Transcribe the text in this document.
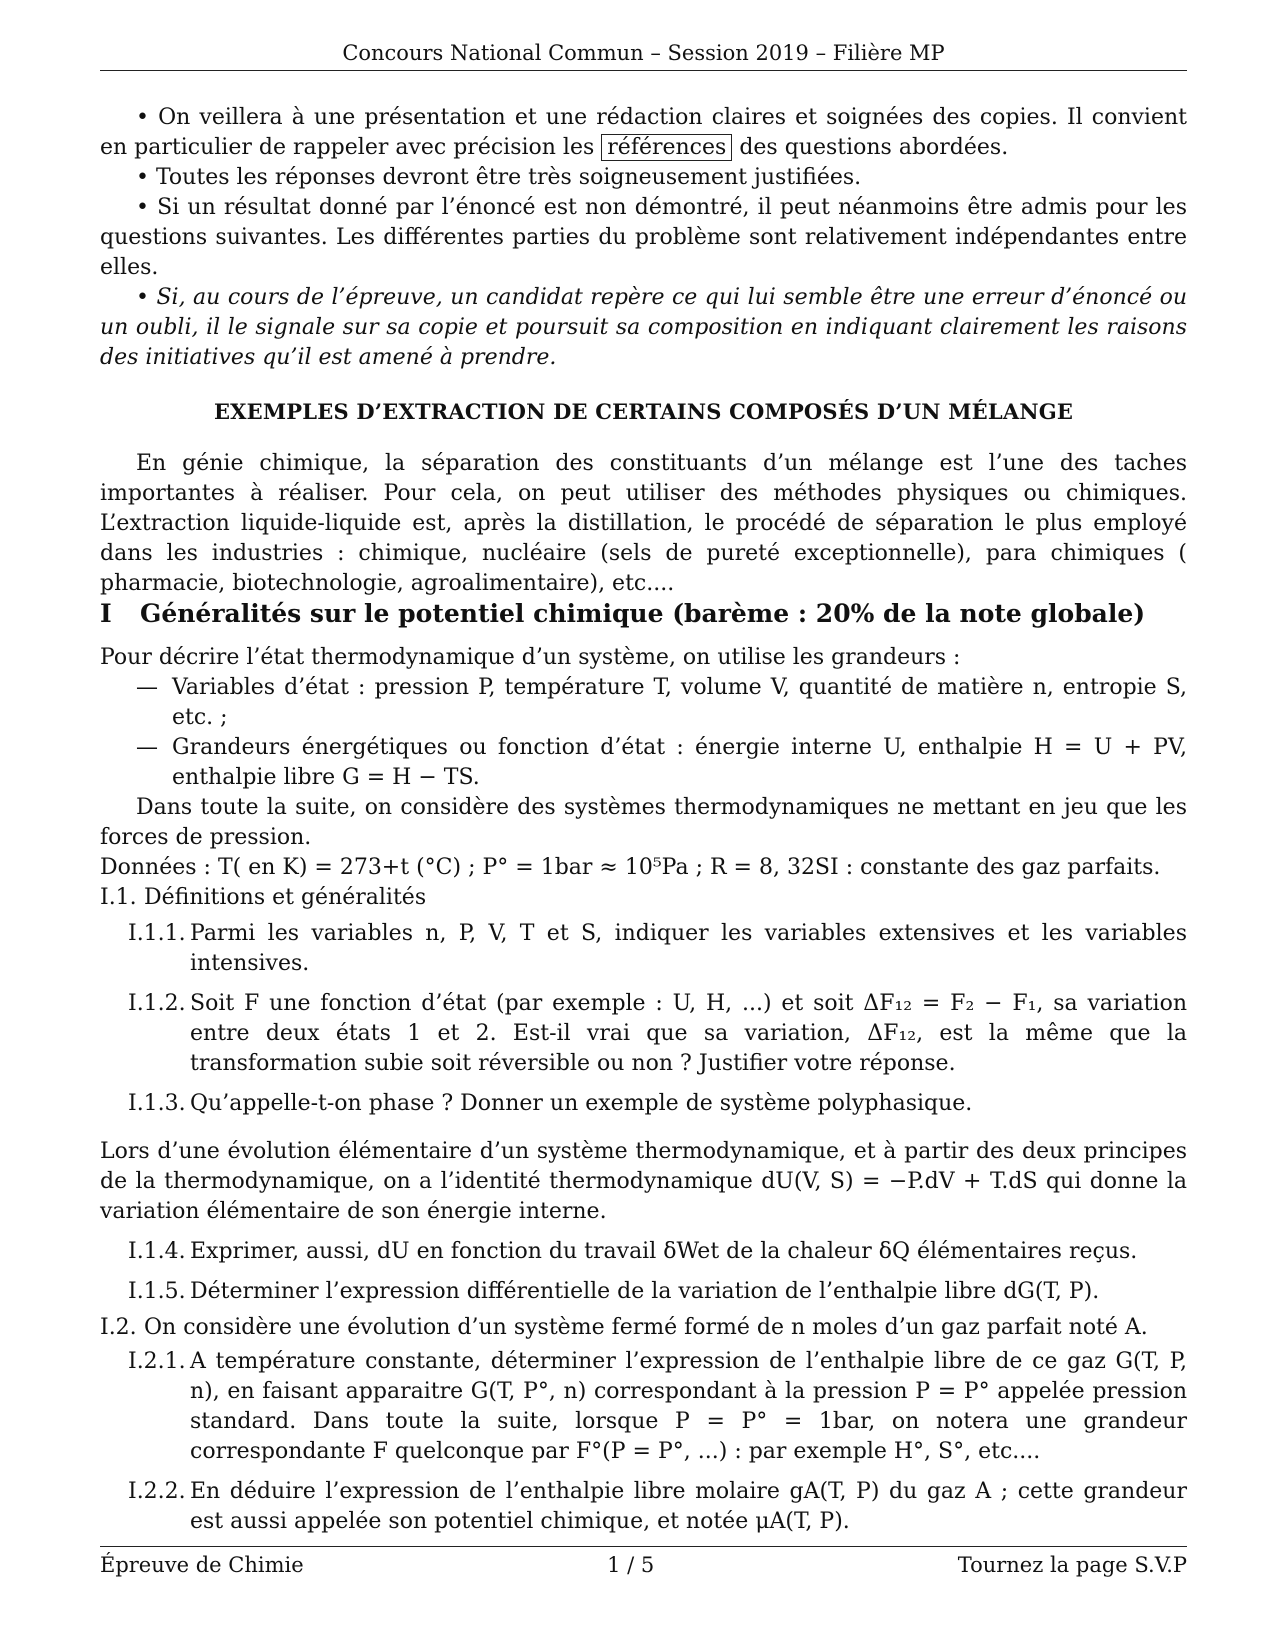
Concours National Commun – Session 2019 – Filière MP

• On veillera à une présentation et une rédaction claires et soignées des copies. Il convient en particulier de rappeler avec précision les références des questions abordées.

• Toutes les réponses devront être très soigneusement justifiées.

• Si un résultat donné par l’énoncé est non démontré, il peut néanmoins être admis pour les questions suivantes. Les différentes parties du problème sont relativement indépendantes entre elles.

• Si, au cours de l’épreuve, un candidat repère ce qui lui semble être une erreur d’énoncé ou un oubli, il le signale sur sa copie et poursuit sa composition en indiquant clairement les raisons des initiatives qu’il est amené à prendre.

EXEMPLES D’EXTRACTION DE CERTAINS COMPOSÉS D’UN MÉLANGE

En génie chimique, la séparation des constituants d’un mélange est l’une des taches importantes à réaliser. Pour cela, on peut utiliser des méthodes physiques ou chimiques. L’extraction liquide-liquide est, après la distillation, le procédé de séparation le plus employé dans les industries : chimique, nucléaire (sels de pureté exceptionnelle), para chimiques ( pharmacie, biotechnologie, agroalimentaire), etc....

I	Généralités sur le potentiel chimique (barème : 20% de la note globale)

Pour décrire l’état thermodynamique d’un système, on utilise les grandeurs :

— Variables d’état : pression P, température T, volume V, quantité de matière n, entropie S, etc. ;
— Grandeurs énergétiques ou fonction d’état : énergie interne U, enthalpie H = U + PV, enthalpie libre G = H − TS.

Dans toute la suite, on considère des systèmes thermodynamiques ne mettant en jeu que les forces de pression.

Données : T( en K) = 273+t (°C) ; P° = 1bar ≈ 10⁵Pa ; R = 8, 32SI : constante des gaz parfaits.

I.1. Définitions et généralités
I.1.1. Parmi les variables n, P, V, T et S, indiquer les variables extensives et les variables intensives.
I.1.2. Soit F une fonction d’état (par exemple : U, H, ...) et soit ΔF₁₂ = F₂ − F₁, sa variation entre deux états 1 et 2. Est-il vrai que sa variation, ΔF₁₂, est la même que la transformation subie soit réversible ou non ? Justifier votre réponse.
I.1.3. Qu’appelle-t-on phase ? Donner un exemple de système polyphasique.

Lors d’une évolution élémentaire d’un système thermodynamique, et à partir des deux principes de la thermodynamique, on a l’identité thermodynamique dU(V, S) = −P.dV + T.dS qui donne la variation élémentaire de son énergie interne.

I.1.4. Exprimer, aussi, dU en fonction du travail δWet de la chaleur δQ élémentaires reçus.
I.1.5. Déterminer l’expression différentielle de la variation de l’enthalpie libre dG(T, P).
I.2. On considère une évolution d’un système fermé formé de n moles d’un gaz parfait noté A.
I.2.1. A température constante, déterminer l’expression de l’enthalpie libre de ce gaz G(T, P, n), en faisant apparaitre G(T, P°, n) correspondant à la pression P = P° appelée pression standard. Dans toute la suite, lorsque P = P° = 1bar, on notera une grandeur correspondante F quelconque par F°(P = P°, ...) : par exemple H°, S°, etc....
I.2.2. En déduire l’expression de l’enthalpie libre molaire gA(T, P) du gaz A ; cette grandeur est aussi appelée son potentiel chimique, et notée μA(T, P).
Épreuve de Chimie	1 / 5	Tournez la page S.V.P
